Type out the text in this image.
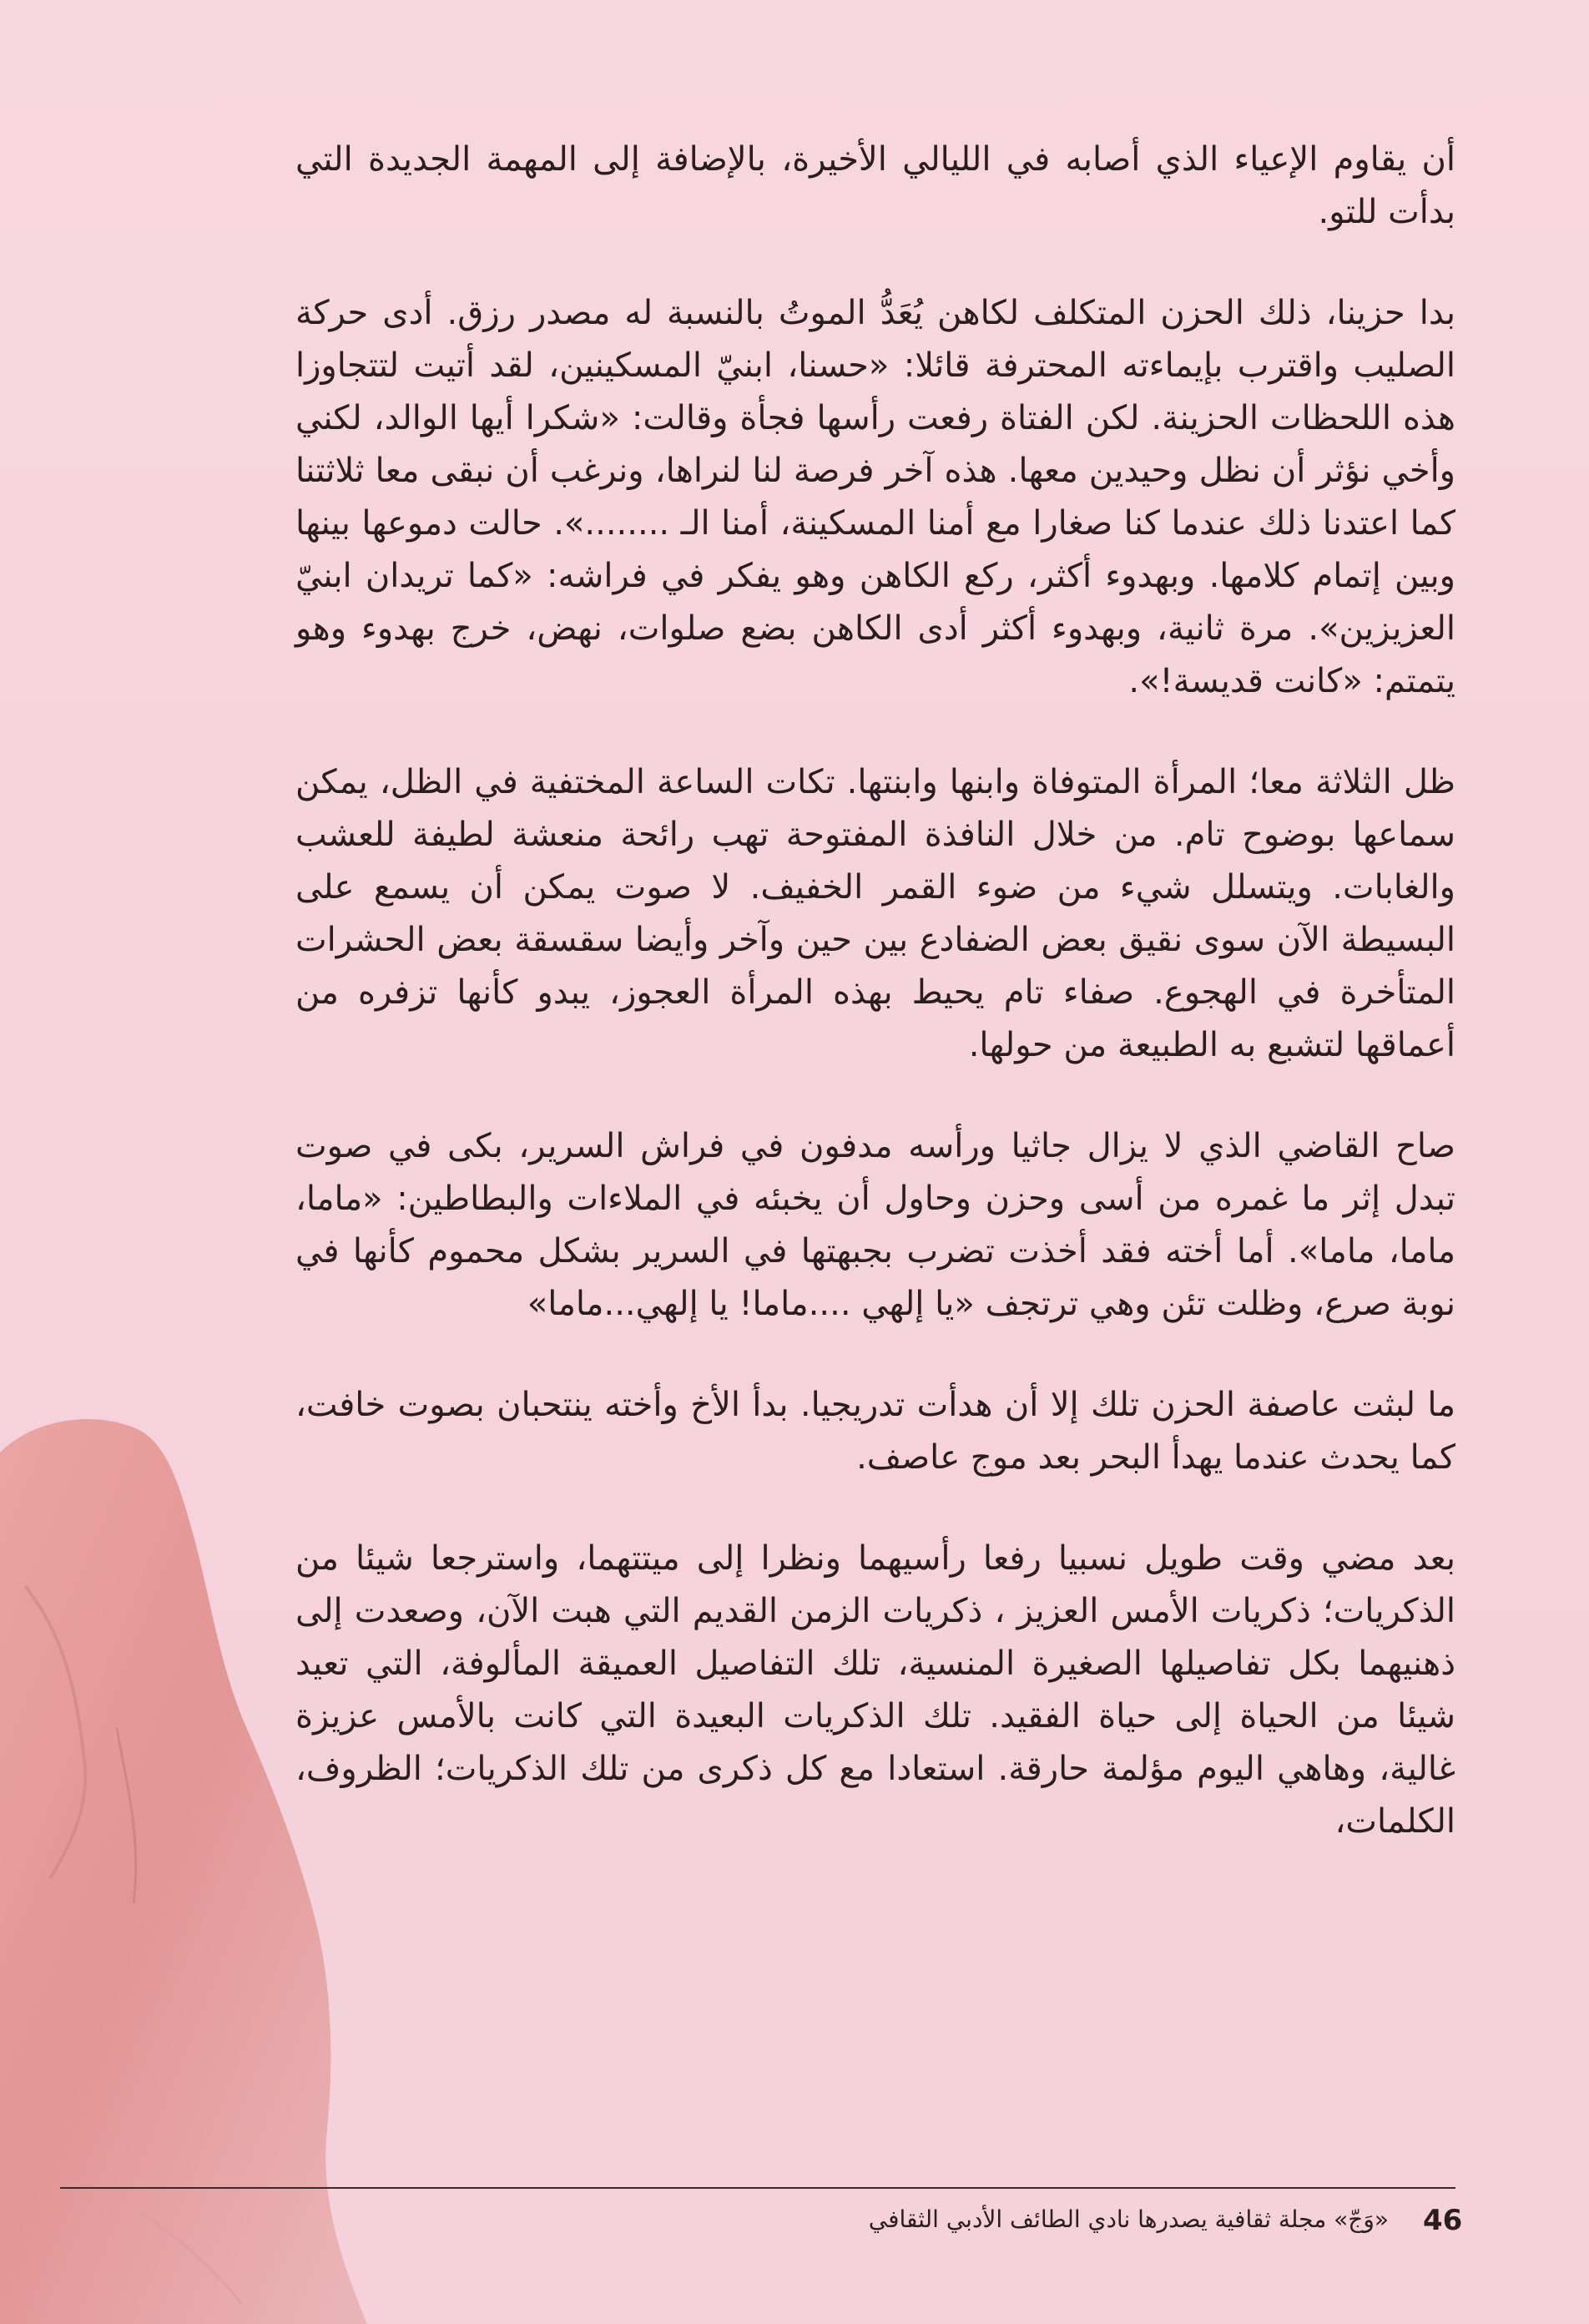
أن يقاوم الإعياء الذي أصابه في الليالي الأخيرة، بالإضافة إلى المهمة الجديدة التي بدأت للتو.

بدا حزينا، ذلك الحزن المتكلف لكاهن يُعَدُّ الموتُ بالنسبة له مصدر رزق. أدى حركة الصليب واقترب بإيماءته المحترفة قائلا: «حسنا، ابنيّ المسكينين، لقد أتيت لتتجاوزا هذه اللحظات الحزينة. لكن الفتاة رفعت رأسها فجأة وقالت: «شكرا أيها الوالد، لكني وأخي نؤثر أن نظل وحيدين معها. هذه آخر فرصة لنا لنراها، ونرغب أن نبقى معا ثلاثتنا كما اعتدنا ذلك عندما كنا صغارا مع أمنا المسكينة، أمنا الـ ........». حالت دموعها بينها وبين إتمام كلامها. وبهدوء أكثر، ركع الكاهن وهو يفكر في فراشه: «كما تريدان ابنيّ العزيزين». مرة ثانية، وبهدوء أكثر أدى الكاهن بضع صلوات، نهض، خرج بهدوء وهو يتمتم: «كانت قديسة!».

ظل الثلاثة معا؛ المرأة المتوفاة وابنها وابنتها. تكات الساعة المختفية في الظل، يمكن سماعها بوضوح تام. من خلال النافذة المفتوحة تهب رائحة منعشة لطيفة للعشب والغابات. ويتسلل شيء من ضوء القمر الخفيف. لا صوت يمكن أن يسمع على البسيطة الآن سوى نقيق بعض الضفادع بين حين وآخر وأيضا سقسقة بعض الحشرات المتأخرة في الهجوع. صفاء تام يحيط بهذه المرأة العجوز، يبدو كأنها تزفره من أعماقها لتشبع به الطبيعة من حولها.

صاح القاضي الذي لا يزال جاثيا ورأسه مدفون في فراش السرير، بكى في صوت تبدل إثر ما غمره من أسى وحزن وحاول أن يخبئه في الملاءات والبطاطين: «ماما، ماما، ماما». أما أخته فقد أخذت تضرب بجبهتها في السرير بشكل محموم كأنها في نوبة صرع، وظلت تئن وهي ترتجف «يا إلهي ....ماما! يا إلهي...ماما»

ما لبثت عاصفة الحزن تلك إلا أن هدأت تدريجيا. بدأ الأخ وأخته ينتحبان بصوت خافت، كما يحدث عندما يهدأ البحر بعد موج عاصف.

بعد مضي وقت طويل نسبيا رفعا رأسيهما ونظرا إلى ميتتهما، واسترجعا شيئا من الذكريات؛ ذكريات الأمس العزيز ، ذكريات الزمن القديم التي هبت الآن، وصعدت إلى ذهنيهما بكل تفاصيلها الصغيرة المنسية، تلك التفاصيل العميقة المألوفة، التي تعيد شيئا من الحياة إلى حياة الفقيد. تلك الذكريات البعيدة التي كانت بالأمس عزيزة غالية، وهاهي اليوم مؤلمة حارقة. استعادا مع كل ذكرى من تلك الذكريات؛ الظروف، الكلمات،

46
«وَجّ» مجلة ثقافية يصدرها نادي الطائف الأدبي الثقافي
